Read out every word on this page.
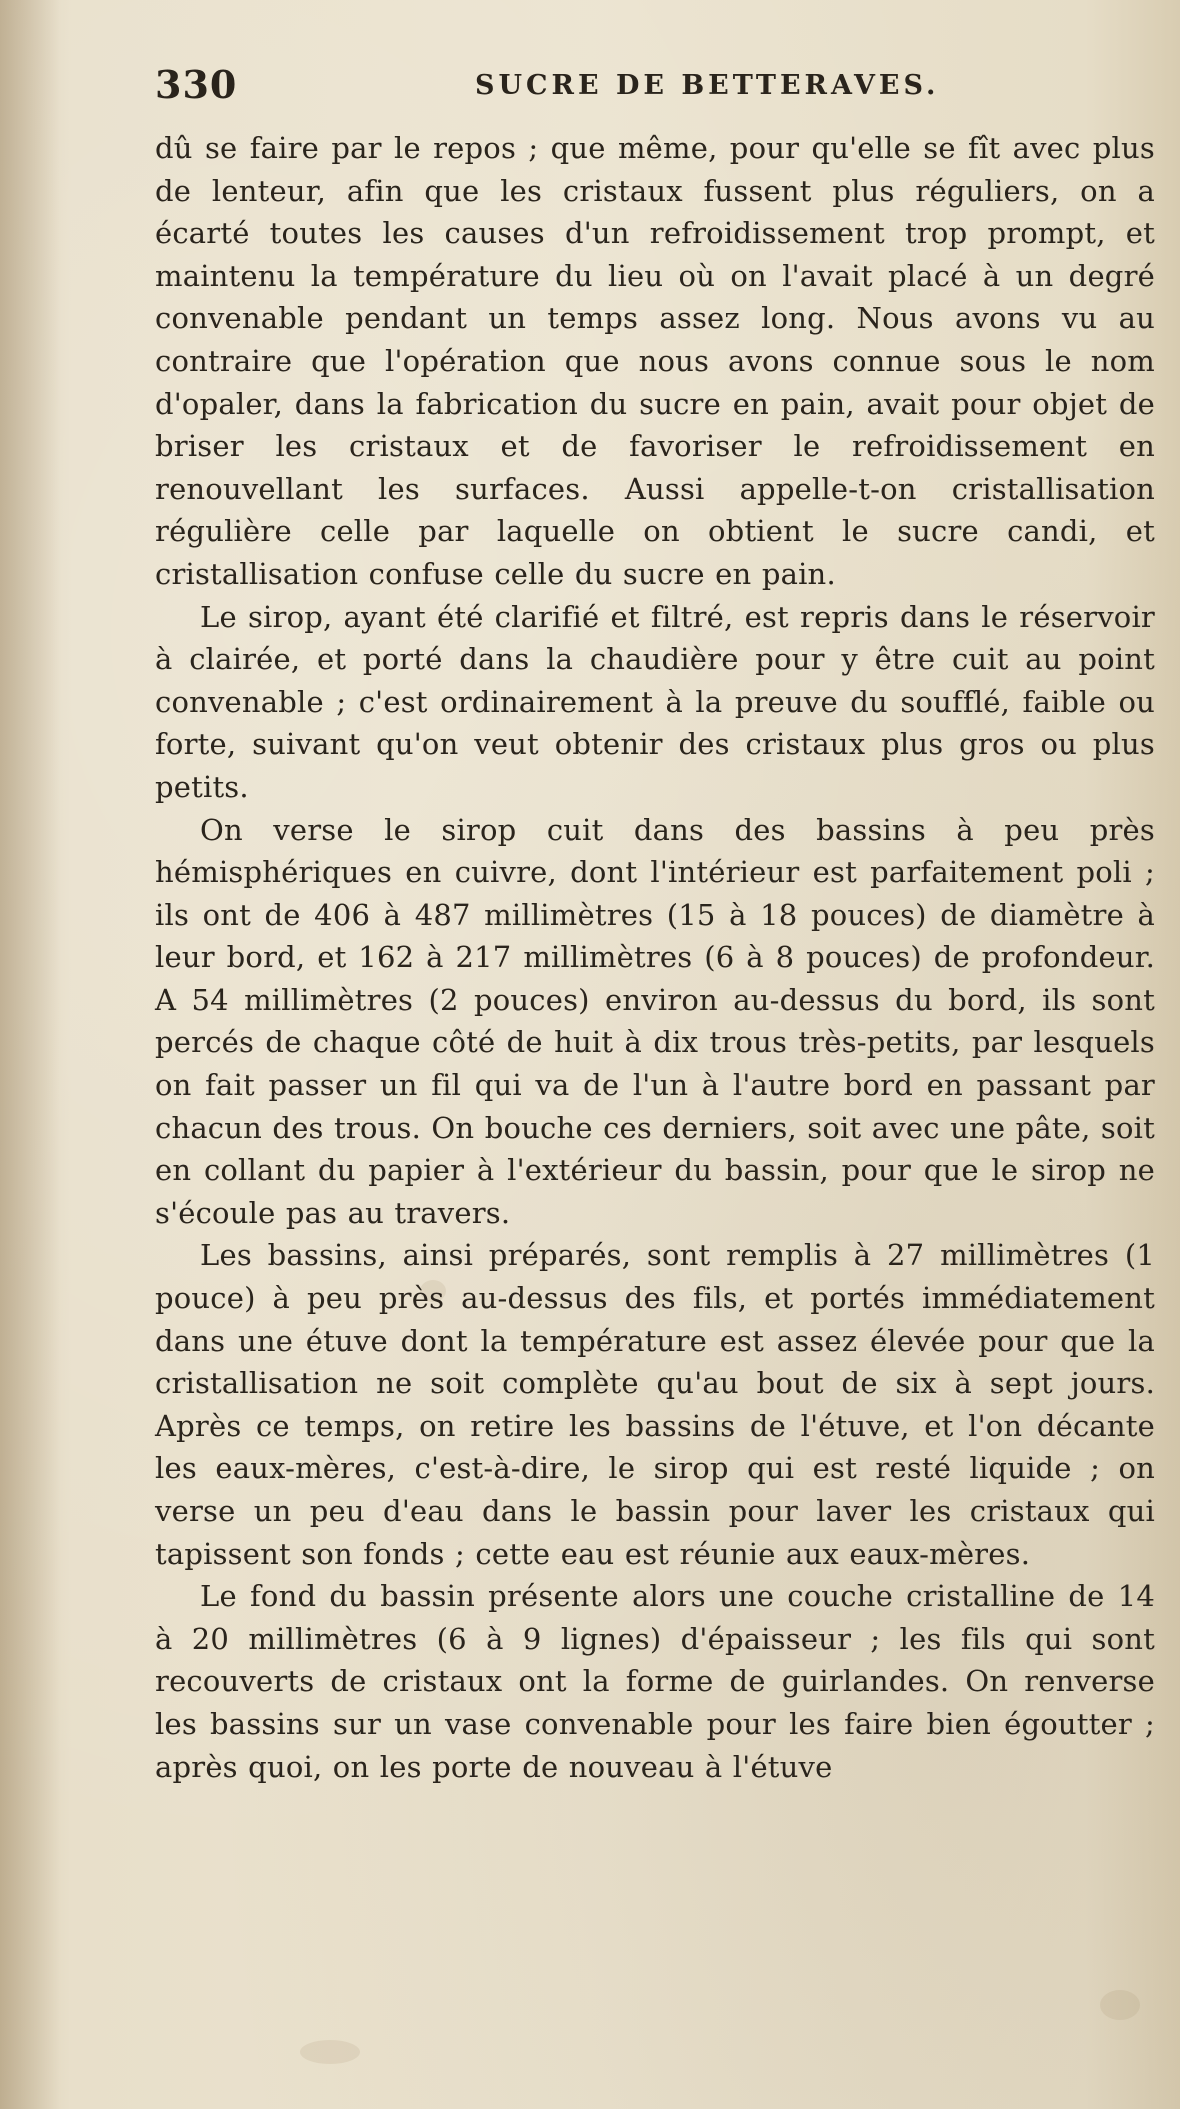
330	SUCRE DE BETTERAVES.

dû se faire par le repos ; que même, pour qu'elle se fît avec plus de lenteur, afin que les cristaux fussent plus réguliers, on a écarté toutes les causes d'un refroidissement trop prompt, et maintenu la température du lieu où on l'avait placé à un degré convenable pendant un temps assez long. Nous avons vu au contraire que l'opération que nous avons connue sous le nom d'opaler, dans la fabrication du sucre en pain, avait pour objet de briser les cristaux et de favoriser le refroidissement en renouvellant les surfaces. Aussi appelle-t-on cristallisation régulière celle par laquelle on obtient le sucre candi, et cristallisation confuse celle du sucre en pain.

Le sirop, ayant été clarifié et filtré, est repris dans le réservoir à clairée, et porté dans la chaudière pour y être cuit au point convenable ; c'est ordinairement à la preuve du soufflé, faible ou forte, suivant qu'on veut obtenir des cristaux plus gros ou plus petits.

On verse le sirop cuit dans des bassins à peu près hémisphériques en cuivre, dont l'intérieur est parfaitement poli ; ils ont de 406 à 487 millimètres (15 à 18 pouces) de diamètre à leur bord, et 162 à 217 millimètres (6 à 8 pouces) de profondeur. A 54 millimètres (2 pouces) environ au-dessus du bord, ils sont percés de chaque côté de huit à dix trous très-petits, par lesquels on fait passer un fil qui va de l'un à l'autre bord en passant par chacun des trous. On bouche ces derniers, soit avec une pâte, soit en collant du papier à l'extérieur du bassin, pour que le sirop ne s'écoule pas au travers.

Les bassins, ainsi préparés, sont remplis à 27 millimètres (1 pouce) à peu près au-dessus des fils, et portés immédiatement dans une étuve dont la température est assez élevée pour que la cristallisation ne soit complète qu'au bout de six à sept jours. Après ce temps, on retire les bassins de l'étuve, et l'on décante les eaux-mères, c'est-à-dire, le sirop qui est resté liquide ; on verse un peu d'eau dans le bassin pour laver les cristaux qui tapissent son fonds ; cette eau est réunie aux eaux-mères.

Le fond du bassin présente alors une couche cristalline de 14 à 20 millimètres (6 à 9 lignes) d'épaisseur ; les fils qui sont recouverts de cristaux ont la forme de guirlandes. On renverse les bassins sur un vase convenable pour les faire bien égoutter ; après quoi, on les porte de nouveau à l'étuve
